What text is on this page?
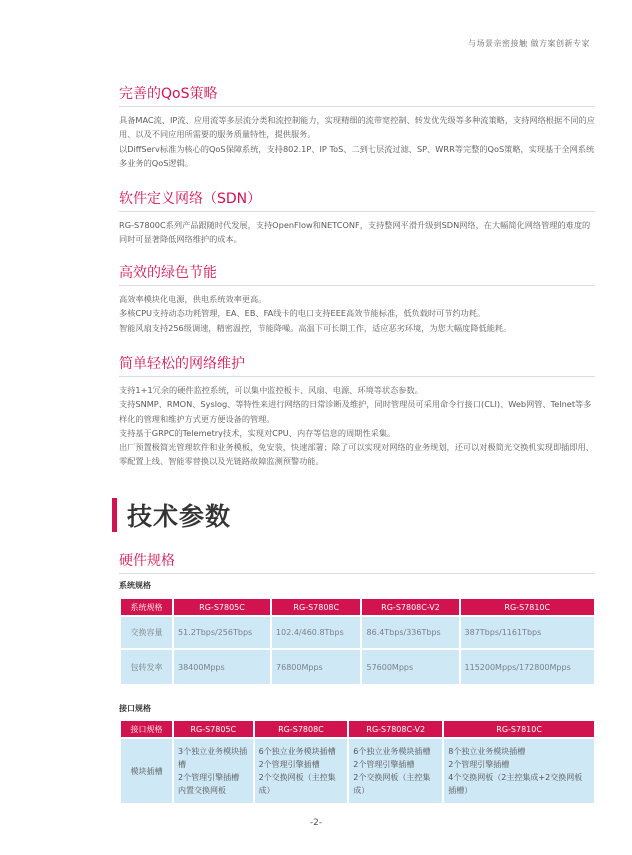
与场景亲密接触 做方案创新专家
完善的QoS策略

具备MAC流、IP流、应用流等多层流分类和流控制能力，实现精细的流带宽控制、转发优先级等多种流策略，支持网络根据不同的应用、以及不同应用所需要的服务质量特性，提供服务。

以DiffServ标准为核心的QoS保障系统，支持802.1P、IP ToS、二到七层流过滤、SP、WRR等完整的QoS策略，实现基于全网系统多业务的QoS逻辑。

软件定义网络（SDN）

RG-S7800C系列产品跟随时代发展，支持OpenFlow和NETCONF，支持整网平滑升级到SDN网络，在大幅简化网络管理的难度的同时可显著降低网络维护的成本。

高效的绿色节能

高效率模块化电源，供电系统效率更高。

多核CPU支持动态功耗管理，EA、EB、FA线卡的电口支持EEE高效节能标准，低负载时可节约功耗。

智能风扇支持256级调速，精密温控，节能降噪。高温下可长期工作，适应恶劣环境，为您大幅度降低能耗。

简单轻松的网络维护

支持1+1冗余的硬件监控系统，可以集中监控板卡、风扇、电源、环境等状态参数。

支持SNMP、RMON、Syslog、等特性来进行网络的日常诊断及维护，同时管理员可采用命令行接口(CLI)、Web网管、Telnet等多样化的管理和维护方式更方便设备的管理。

支持基于GRPC的Telemetry技术，实现对CPU、内存等信息的周期性采集。

出厂预置极简光管理软件和业务模板，免安装，快速部署；除了可以实现对网络的业务规划，还可以对极简光交换机实现即插即用、零配置上线、智能零替换以及光链路故障监测预警功能。

技术参数
硬件规格
系统规格
系统规格	RG-S7805C	RG-S7808C	RG-S7808C-V2	RG-S7810C
交换容量	51.2Tbps/256Tbps	102.4/460.8Tbps	86.4Tbps/336Tbps	387Tbps/1161Tbps
包转发率	38400Mpps	76800Mpps	57600Mpps	115200Mpps/172800Mpps
接口规格
接口规格	RG-S7805C	RG-S7808C	RG-S7808C-V2	RG-S7810C
模块插槽	3个独立业务模块插槽
2个管理引擎插槽
内置交换网板	6个独立业务模块插槽
2个管理引擎插槽
2个交换网板（主控集成）	6个独立业务模块插槽
2个管理引擎插槽
2个交换网板（主控集成）	8个独立业务模块插槽
2个管理引擎插槽
4个交换网板（2主控集成+2交换网板插槽）
-2-
